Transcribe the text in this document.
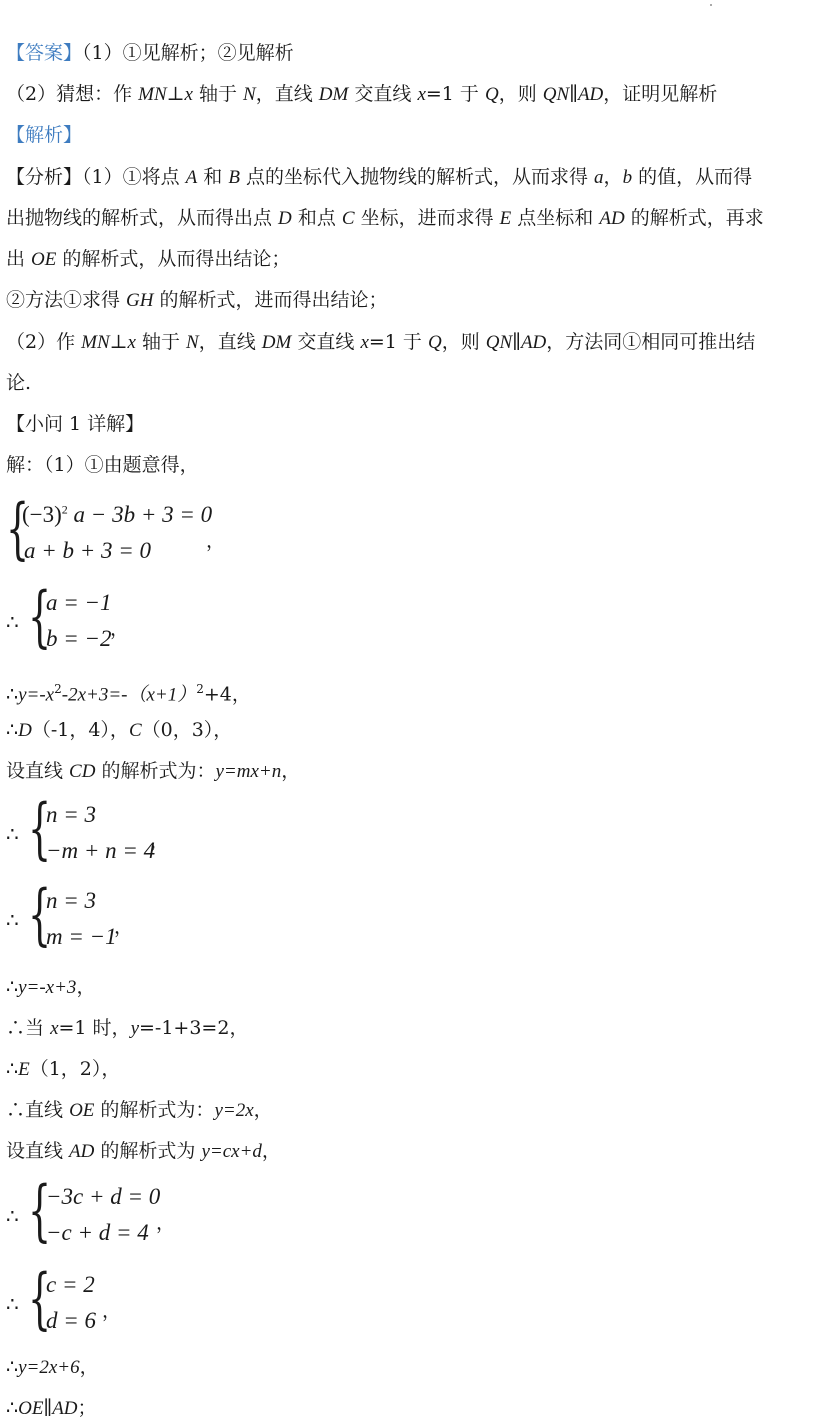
【答案】（1）①见解析；②见解析
（2）猜想：作 MN⊥x 轴于 N，直线 DM 交直线 x=1 于 Q，则 QN∥AD，证明见解析
【解析】
【分析】（1）①将点 A 和 B 点的坐标代入抛物线的解析式，从而求得 a，b 的值，从而得
出抛物线的解析式，从而得出点 D 和点 C 坐标，进而求得 E 点坐标和 AD 的解析式，再求
出 OE 的解析式，从而得出结论；
②方法①求得 GH 的解析式，进而得出结论；
（2）作 MN⊥x 轴于 N，直线 DM 交直线 x=1 于 Q，则 QN∥AD，方法同①相同可推出结
论.
【小问 1 详解】
解：（1）①由题意得，
{
$(-3)^2$ a − 3b + 3 = 0
a + b + 3 = 0	，
∴ {
a = −1
b = −2
，
$\therefore y=-x^2-2x+3=-(x+1)^2+4$，
∴D（-1，4），C（0，3），
设直线 CD 的解析式为：y=mx+n，
∴ {
n = 3
−m + n = 4
，
∴ {
n = 3
m = −1
，
∴y=-x+3，
∴当 x=1 时，y=-1+3=2，
∴E（1，2），
∴直线 OE 的解析式为：y=2x，
设直线 AD 的解析式为 y=cx+d，
∴ {
−3c + d = 0
−c + d = 4 ，
∴ {
c = 2
d = 6 ，
∴y=2x+6，
∴OE∥AD；
